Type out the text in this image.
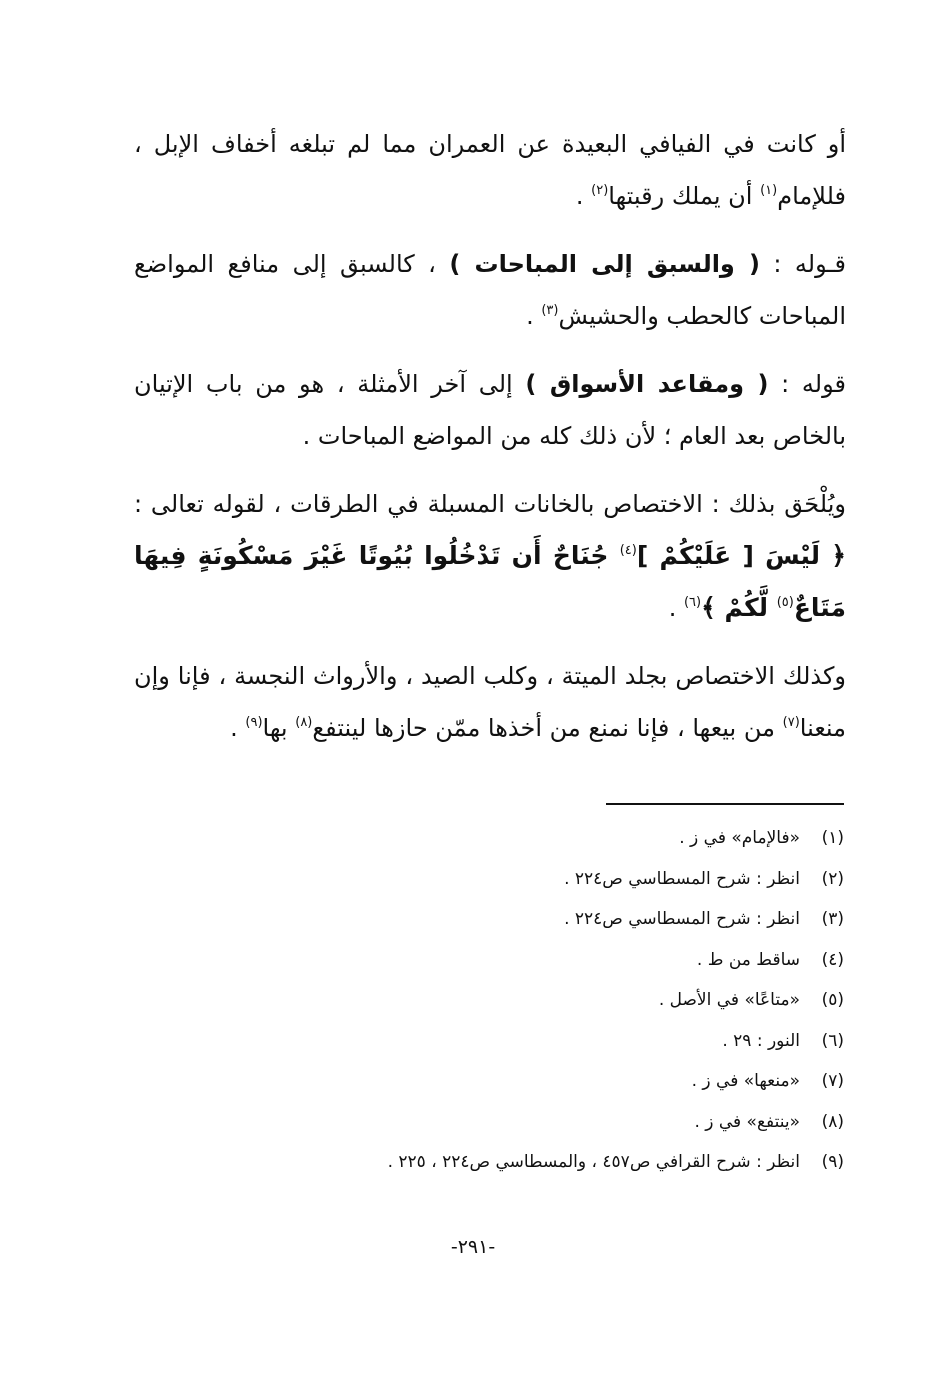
أو كانت في الفيافي البعيدة عن العمران مما لم تبلغه أخفاف الإبل ، فللإمام$^{(١)}$ أن يملك رقبتها$^{(٢)}$ .

قـوله : ( والسبق إلى المباحات ) ، كالسبق إلى منافع المواضع المباحات كالحطب والحشيش$^{(٣)}$ .

قوله : ( ومقاعد الأسواق ) إلى آخر الأمثلة ، هو من باب الإتيان بالخاص بعد العام ؛ لأن ذلك كله من المواضع المباحات .

ويُلْحَق بذلك : الاختصاص بالخانات المسبلة في الطرقات ، لقوله تعالى : ﴿ لَيْسَ [ عَلَيْكُمْ ]$^{(٤)}$ جُنَاحٌ أَن تَدْخُلُوا بُيُوتًا غَيْرَ مَسْكُونَةٍ فِيهَا مَتَاعٌ$^{(٥)}$ لَّكُمْ ﴾$^{(٦)}$ .

وكذلك الاختصاص بجلد الميتة ، وكلب الصيد ، والأرواث النجسة ، فإنا وإن منعنا$^{(٧)}$ من بيعها ، فإنا نمنع من أخذها ممّن حازها لينتفع$^{(٨)}$ بها$^{(٩)}$ .

(١)«فالإمام» في ز .
(٢)انظر : شرح المسطاسي ص٢٢٤ .
(٣)انظر : شرح المسطاسي ص٢٢٤ .
(٤)ساقط من ط .
(٥)«متاعًا» في الأصل .
(٦)النور : ٢٩ .
(٧)«منعها» في ز .
(٨)«ينتفع» في ز .
(٩)انظر : شرح القرافي ص٤٥٧ ، والمسطاسي ص٢٢٤ ، ٢٢٥ .
-٢٩١-
